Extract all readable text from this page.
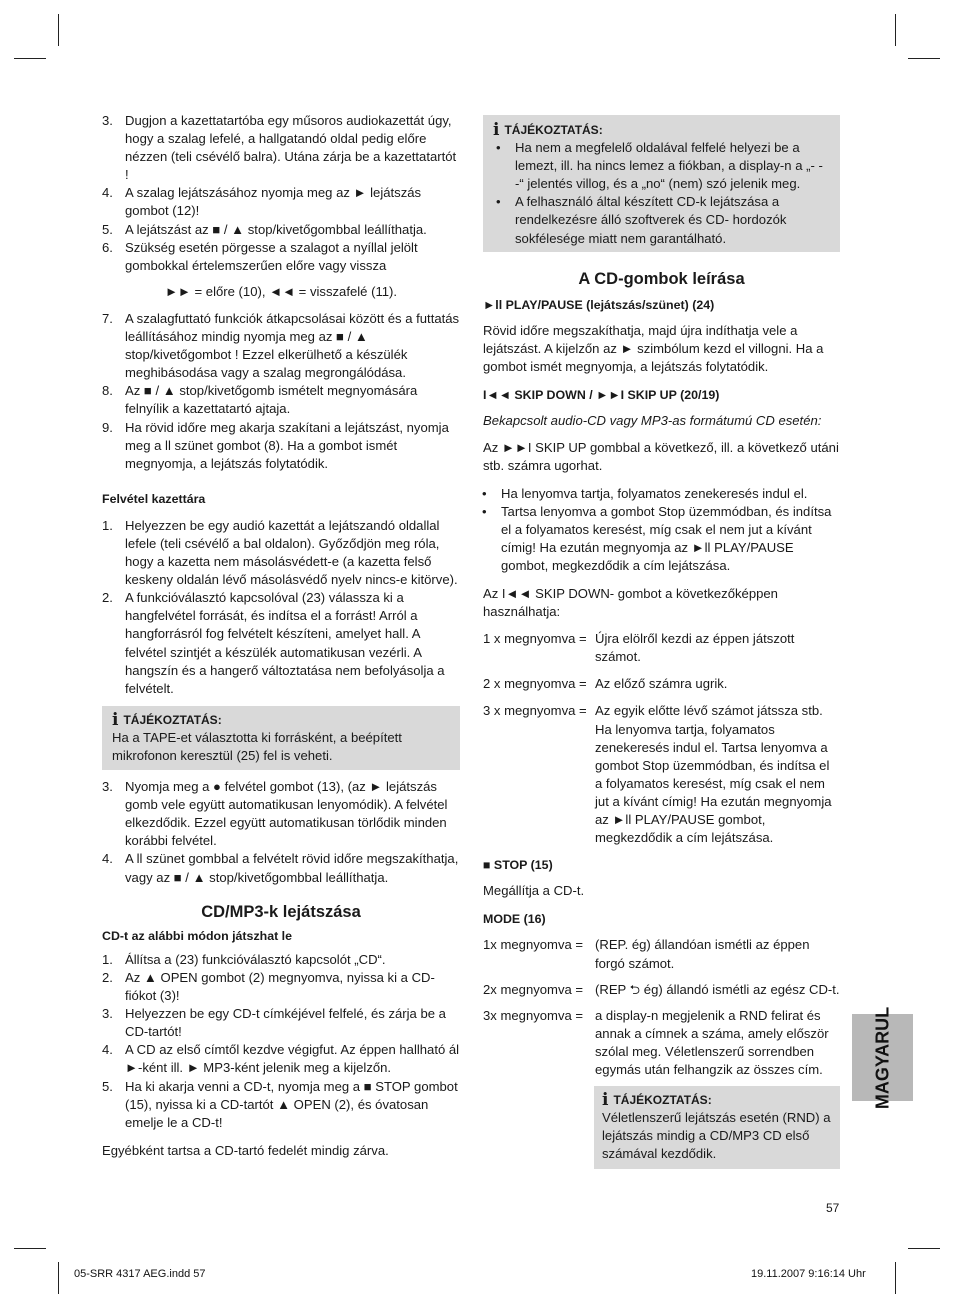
3. Dugjon a kazettatartóba egy műsoros audiokazettát úgy, hogy a szalag lefelé, a hallgatandó oldal pedig előre nézzen (teli csévélő balra). Utána zárja be a kazettatartót !
4. A szalag lejátszásához nyomja meg az ► lejátszás gombot (12)!
5. A lejátszást az ■ / ▲ stop/kivetőgombbal leállíthatja.
6. Szükség esetén pörgesse a szalagot a nyíllal jelölt gombokkal értelemszerűen előre vagy vissza

►► = előre (10), ◄◄ = visszafelé (11).

7. A szalagfuttató funkciók átkapcsolásai között és a futtatás leállításához mindig nyomja meg az ■ / ▲ stop/kivetőgombot ! Ezzel elkerülhető a készülék meghibásodása vagy a szalag megrongálódása.
8. Az ■ / ▲ stop/kivetőgomb ismételt megnyomására felnyílik a kazettatartó ajtaja.
9. Ha rövid időre meg akarja szakítani a lejátszást, nyomja meg a ll szünet gombot (8). Ha a gombot ismét megnyomja, a lejátszás folytatódik.

Felvétel kazettára

1. Helyezzen be egy audió kazettát a lejátszandó oldallal lefele (teli csévélő a bal oldalon). Győződjön meg róla, hogy a kazetta nem másolásvédett-e (a kazetta felső keskeny oldalán lévő másolásvédő nyelv nincs-e kitörve).
2. A funkcióválasztó kapcsolóval (23) válassza ki a hangfelvétel forrását, és indítsa el a forrást! Arról a hangforrásról fog felvételt készíteni, amelyet hall. A felvétel szintjét a készülék automatikusan vezérli. A hangszín és a hangerő változtatása nem befolyásolja a felvételt.
i TÁJÉKOZTATÁS:

Ha a TAPE-et választotta ki forrásként, a beépített mikrofonon keresztül (25) fel is veheti.

3. Nyomja meg a ● felvétel gombot (13), (az ► lejátszás gomb vele együtt automatikusan lenyomódik). A felvétel elkezdődik. Ezzel együtt automatikusan törlődik minden korábbi felvétel.
4. A ll szünet gombbal a felvételt rövid időre megszakíthatja, vagy az ■ / ▲ stop/kivetőgombbal leállíthatja.

CD/MP3-k lejátszása

CD-t az alábbi módon játszhat le

1. Állítsa a (23) funkcióválasztó kapcsolót „CD“.
2. Az ▲ OPEN gombot (2) megnyomva, nyissa ki a CD-fiókot (3)!
3. Helyezzen be egy CD-t címkéjével felfelé, és zárja be a CD-tartót!
4. A CD az első címtől kezdve végigfut. Az éppen hallható ál ►-ként ill. ► MP3-ként jelenik meg a kijelzőn.
5. Ha ki akarja venni a CD-t, nyomja meg a ■ STOP gombot (15), nyissa ki a CD-tartót ▲ OPEN (2), és óvatosan emelje le a CD-t!

Egyébként tartsa a CD-tartó fedelét mindig zárva.

i TÁJÉKOZTATÁS:
• Ha nem a megfelelő oldalával felfelé helyezi be a lemezt, ill. ha nincs lemez a fiókban, a display-n a „- - -“ jelentés villog, és a „no“ (nem) szó jelenik meg.
• A felhasználó által készített CD-k lejátszása a rendelkezésre álló szoftverek és CD- hordozók sokfélesége miatt nem garantálható.

A CD-gombok leírása

►ll PLAY/PAUSE (lejátszás/szünet) (24)

Rövid időre megszakíthatja, majd újra indíthatja vele a lejátszást. A kijelzőn az ► szimbólum kezd el villogni. Ha a gombot ismét megnyomja, a lejátszás folytatódik.

I◄◄ SKIP DOWN / ►►I SKIP UP (20/19)

Bekapcsolt audio-CD vagy MP3-as formátumú CD esetén:

Az ►►I SKIP UP gombbal a következő, ill. a következő utáni stb. számra ugorhat.

• Ha lenyomva tartja, folyamatos zenekeresés indul el.
• Tartsa lenyomva a gombot Stop üzemmódban, és indítsa el a folyamatos keresést, míg csak el nem jut a kívánt címig! Ha ezután megnyomja az ►ll PLAY/PAUSE gombot, megkezdődik a cím lejátszása.

Az I◄◄ SKIP DOWN- gombot a következőképpen használhatja:

1 x megnyomva = Újra elölről kezdi az éppen játszott számot.
2 x megnyomva = Az előző számra ugrik.
3 x megnyomva = Az egyik előtte lévő számot játssza stb. Ha lenyomva tartja, folyamatos zenekeresés indul el. Tartsa lenyomva a gombot Stop üzemmódban, és indítsa el a folyamatos keresést, míg csak el nem jut a kívánt címig! Ha ezután megnyomja az ►ll PLAY/PAUSE gombot, megkezdődik a cím lejátszása.

■ STOP (15)

Megállítja a CD-t.

MODE (16)

1x megnyomva = (REP. ég) állandóan ismétli az éppen forgó számot.
2x megnyomva = (REP ⮌ ég) állandó ismétli az egész CD-t.
3x megnyomva = a display-n megjelenik a RND felirat és annak a címnek a száma, amely először szólal meg. Véletlenszerű sorrendben egymás után felhangzik az összes cím.
i TÁJÉKOZTATÁS:

Véletlenszerű lejátszás esetén (RND) a lejátszás mindig a CD/MP3 CD első számával kezdődik.

MAGYARUL
57
05-SRR 4317 AEG.indd 57	19.11.2007 9:16:14 Uhr
